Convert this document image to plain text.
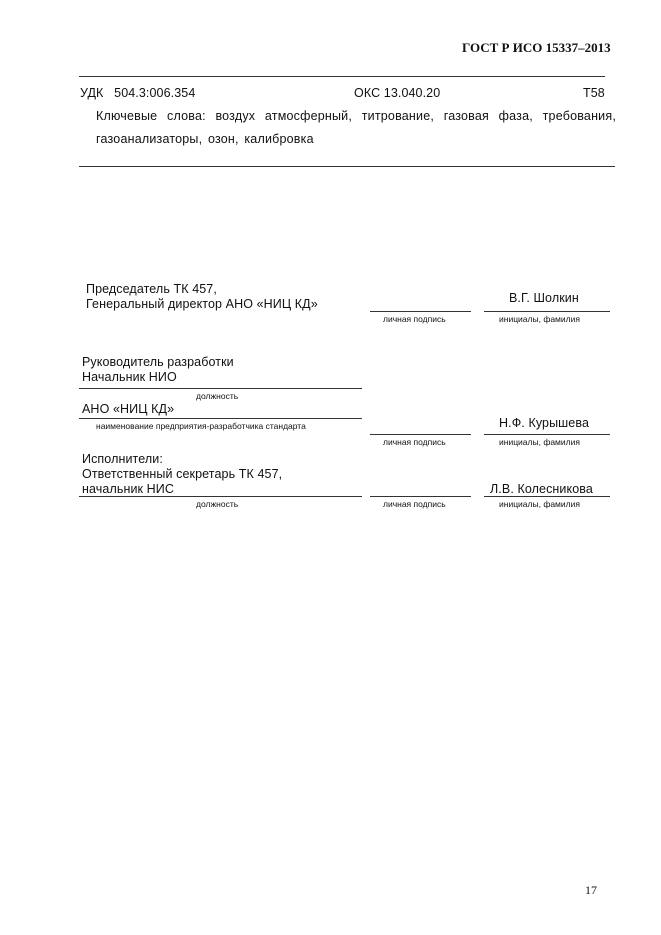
ГОСТ Р ИСО 15337–2013
УДК   504.3:006.354	ОКС 13.040.20	Т58
Ключевые слова: воздух атмосферный, титрование, газовая фаза, требования, газоанализаторы, озон, калибровка
Председатель ТК 457,
Генеральный директор АНО «НИЦ КД»	В.Г. Шолкин
личная подпись	инициалы, фамилия
Руководитель разработки
Начальник НИО
должность
АНО «НИЦ КД»
наименование предприятия-разработчика стандарта	Н.Ф. Курышева
личная подпись	инициалы, фамилия
Исполнители:
Ответственный секретарь ТК 457,
начальник НИС	Л.В. Колесникова
должность	личная подпись	инициалы, фамилия
17
